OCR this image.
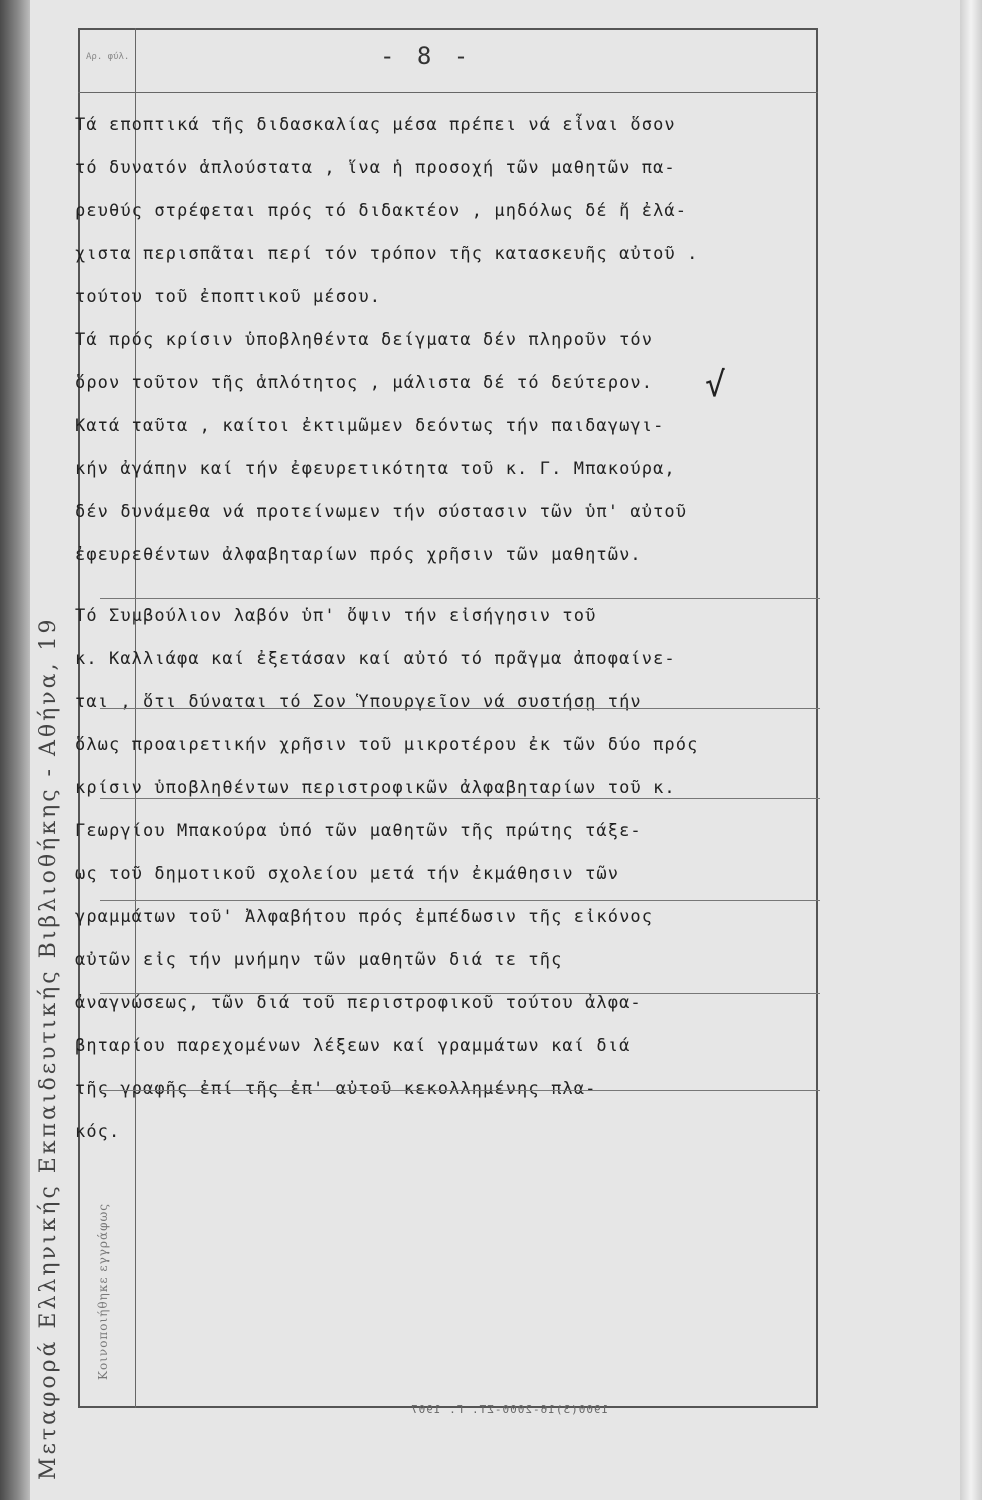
Μεταφορά Ελληνικής Εκπαιδευτικής Βιβλιοθήκης - Αθήνα, 19	Κοινοποιήθηκε εγγράφως
Αρ. φύλ.	- 8 -
Τά εποπτικά τῆς διδασκαλίας μέσα πρέπει νά εἶναι ὅσον
τό δυνατόν ἁπλούστατα , ἵνα ἡ προσοχή τῶν μαθητῶν πα-
ρευθύς στρέφεται πρός τό διδακτέον , μηδόλως δέ ἤ ἐλά-
χιστα περισπᾶται περί τόν τρόπον τῆς κατασκευῆς αὐτοῦ .
τούτου τοῦ ἐποπτικοῦ μέσου.
Τά πρός κρίσιν ὑποβληθέντα δείγματα δέν πληροῦν τόν
ὅρον τοῦτον τῆς ἁπλότητος , μάλιστα δέ τό δεύτερον.
Κατά ταῦτα , καίτοι ἐκτιμῶμεν δεόντως τήν παιδαγωγι-
κήν ἀγάπην καί τήν ἐφευρετικότητα τοῦ κ. Γ. Μπακούρα,
δέν δυνάμεθα νά προτείνωμεν τήν σύστασιν τῶν ὑπ' αὐτοῦ
ἐφευρεθέντων ἀλφαβηταρίων πρός χρῆσιν τῶν μαθητῶν.
Τό Συμβούλιον λαβόν ὑπ' ὄψιν τήν εἰσήγησιν τοῦ
κ. Καλλιάφα καί ἐξετάσαν καί αὐτό τό πρᾶγμα ἀποφαίνε-
ται , ὅτι δύναται τό Σον Ὑπουργεῖον νά συστήσῃ τήν
ὅλως προαιρετικήν χρῆσιν τοῦ μικροτέρου ἐκ τῶν δύο πρός
κρίσιν ὑποβληθέντων περιστροφικῶν ἀλφαβηταρίων τοῦ κ.
Γεωργίου Μπακούρα ὑπό τῶν μαθητῶν τῆς πρώτης τάξε-
ως τοῦ δημοτικοῦ σχολείου μετά τήν ἐκμάθησιν τῶν
γραμμάτων τοῦ' Ἀλφαβήτου πρός ἐμπέδωσιν τῆς εἰκόνος
αὐτῶν εἰς τήν μνήμην τῶν μαθητῶν διά τε τῆς
ἀναγνώσεως, τῶν διά τοῦ περιστροφικοῦ τούτου ἀλφα-
βηταρίου παρεχομένων λέξεων καί γραμμάτων καί διά
τῆς γραφῆς ἐπί τῆς ἐπ' αὐτοῦ κεκολλημένης πλα-
κός.
√
1900(3)16-2000-ΣΤ. Γ. 1907
